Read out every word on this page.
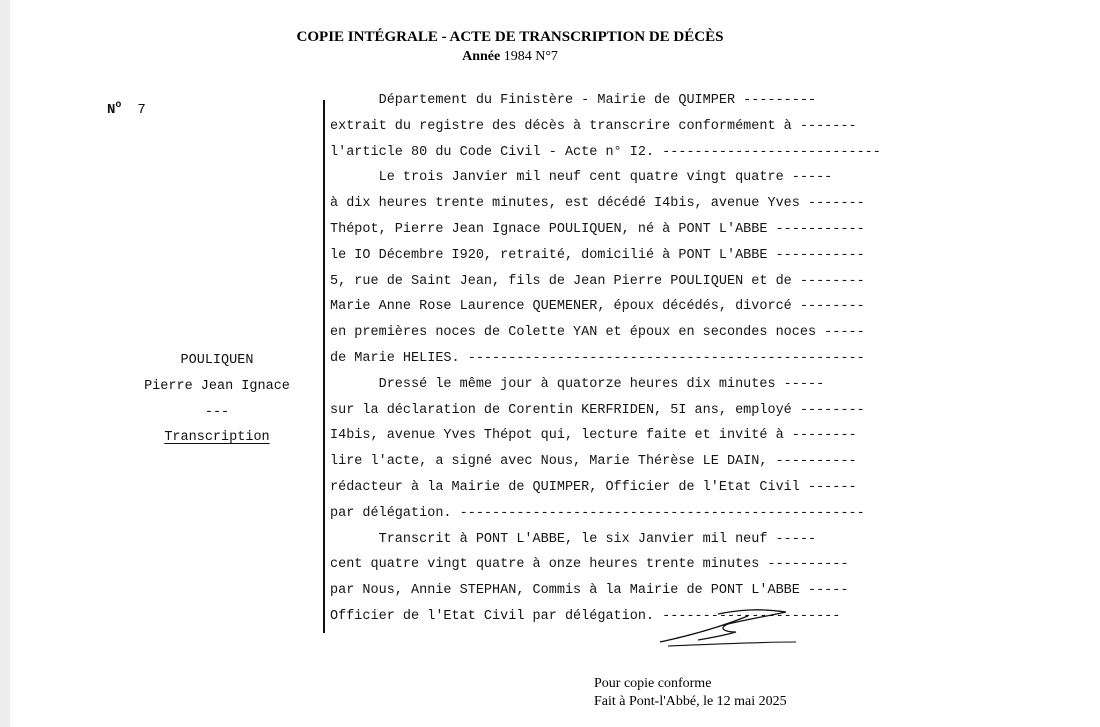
COPIE INTÉGRALE - ACTE DE TRANSCRIPTION DE DÉCÈS
Année 1984 N°7
$N^o$ 7
POULIQUEN
Pierre Jean Ignace
---
Transcription
Département du Finistère - Mairie de QUIMPER ---------
extrait du registre des décès à transcrire conformément à -------
l'article 80 du Code Civil - Acte n° I2. ---------------------------
Le trois Janvier mil neuf cent quatre vingt quatre -----
à dix heures trente minutes, est décédé I4bis, avenue Yves -------
Thépot, Pierre Jean Ignace POULIQUEN, né à PONT L'ABBE -----------
le IO Décembre I920, retraité, domicilié à PONT L'ABBE -----------
5, rue de Saint Jean, fils de Jean Pierre POULIQUEN et de --------
Marie Anne Rose Laurence QUEMENER, époux décédés, divorcé --------
en premières noces de Colette YAN et époux en secondes noces -----
de Marie HELIES. -------------------------------------------------
Dressé le même jour à quatorze heures dix minutes -----
sur la déclaration de Corentin KERFRIDEN, 5I ans, employé --------
I4bis, avenue Yves Thépot qui, lecture faite et invité à --------
lire l'acte, a signé avec Nous, Marie Thérèse LE DAIN, ----------
rédacteur à la Mairie de QUIMPER, Officier de l'Etat Civil ------
par délégation. --------------------------------------------------
Transcrit à PONT L'ABBE, le six Janvier mil neuf -----
cent quatre vingt quatre à onze heures trente minutes ----------
par Nous, Annie STEPHAN, Commis à la Mairie de PONT L'ABBE -----
Officier de l'Etat Civil par délégation. ----------------------
Pour copie conforme
Fait à Pont-l'Abbé, le 12 mai 2025
